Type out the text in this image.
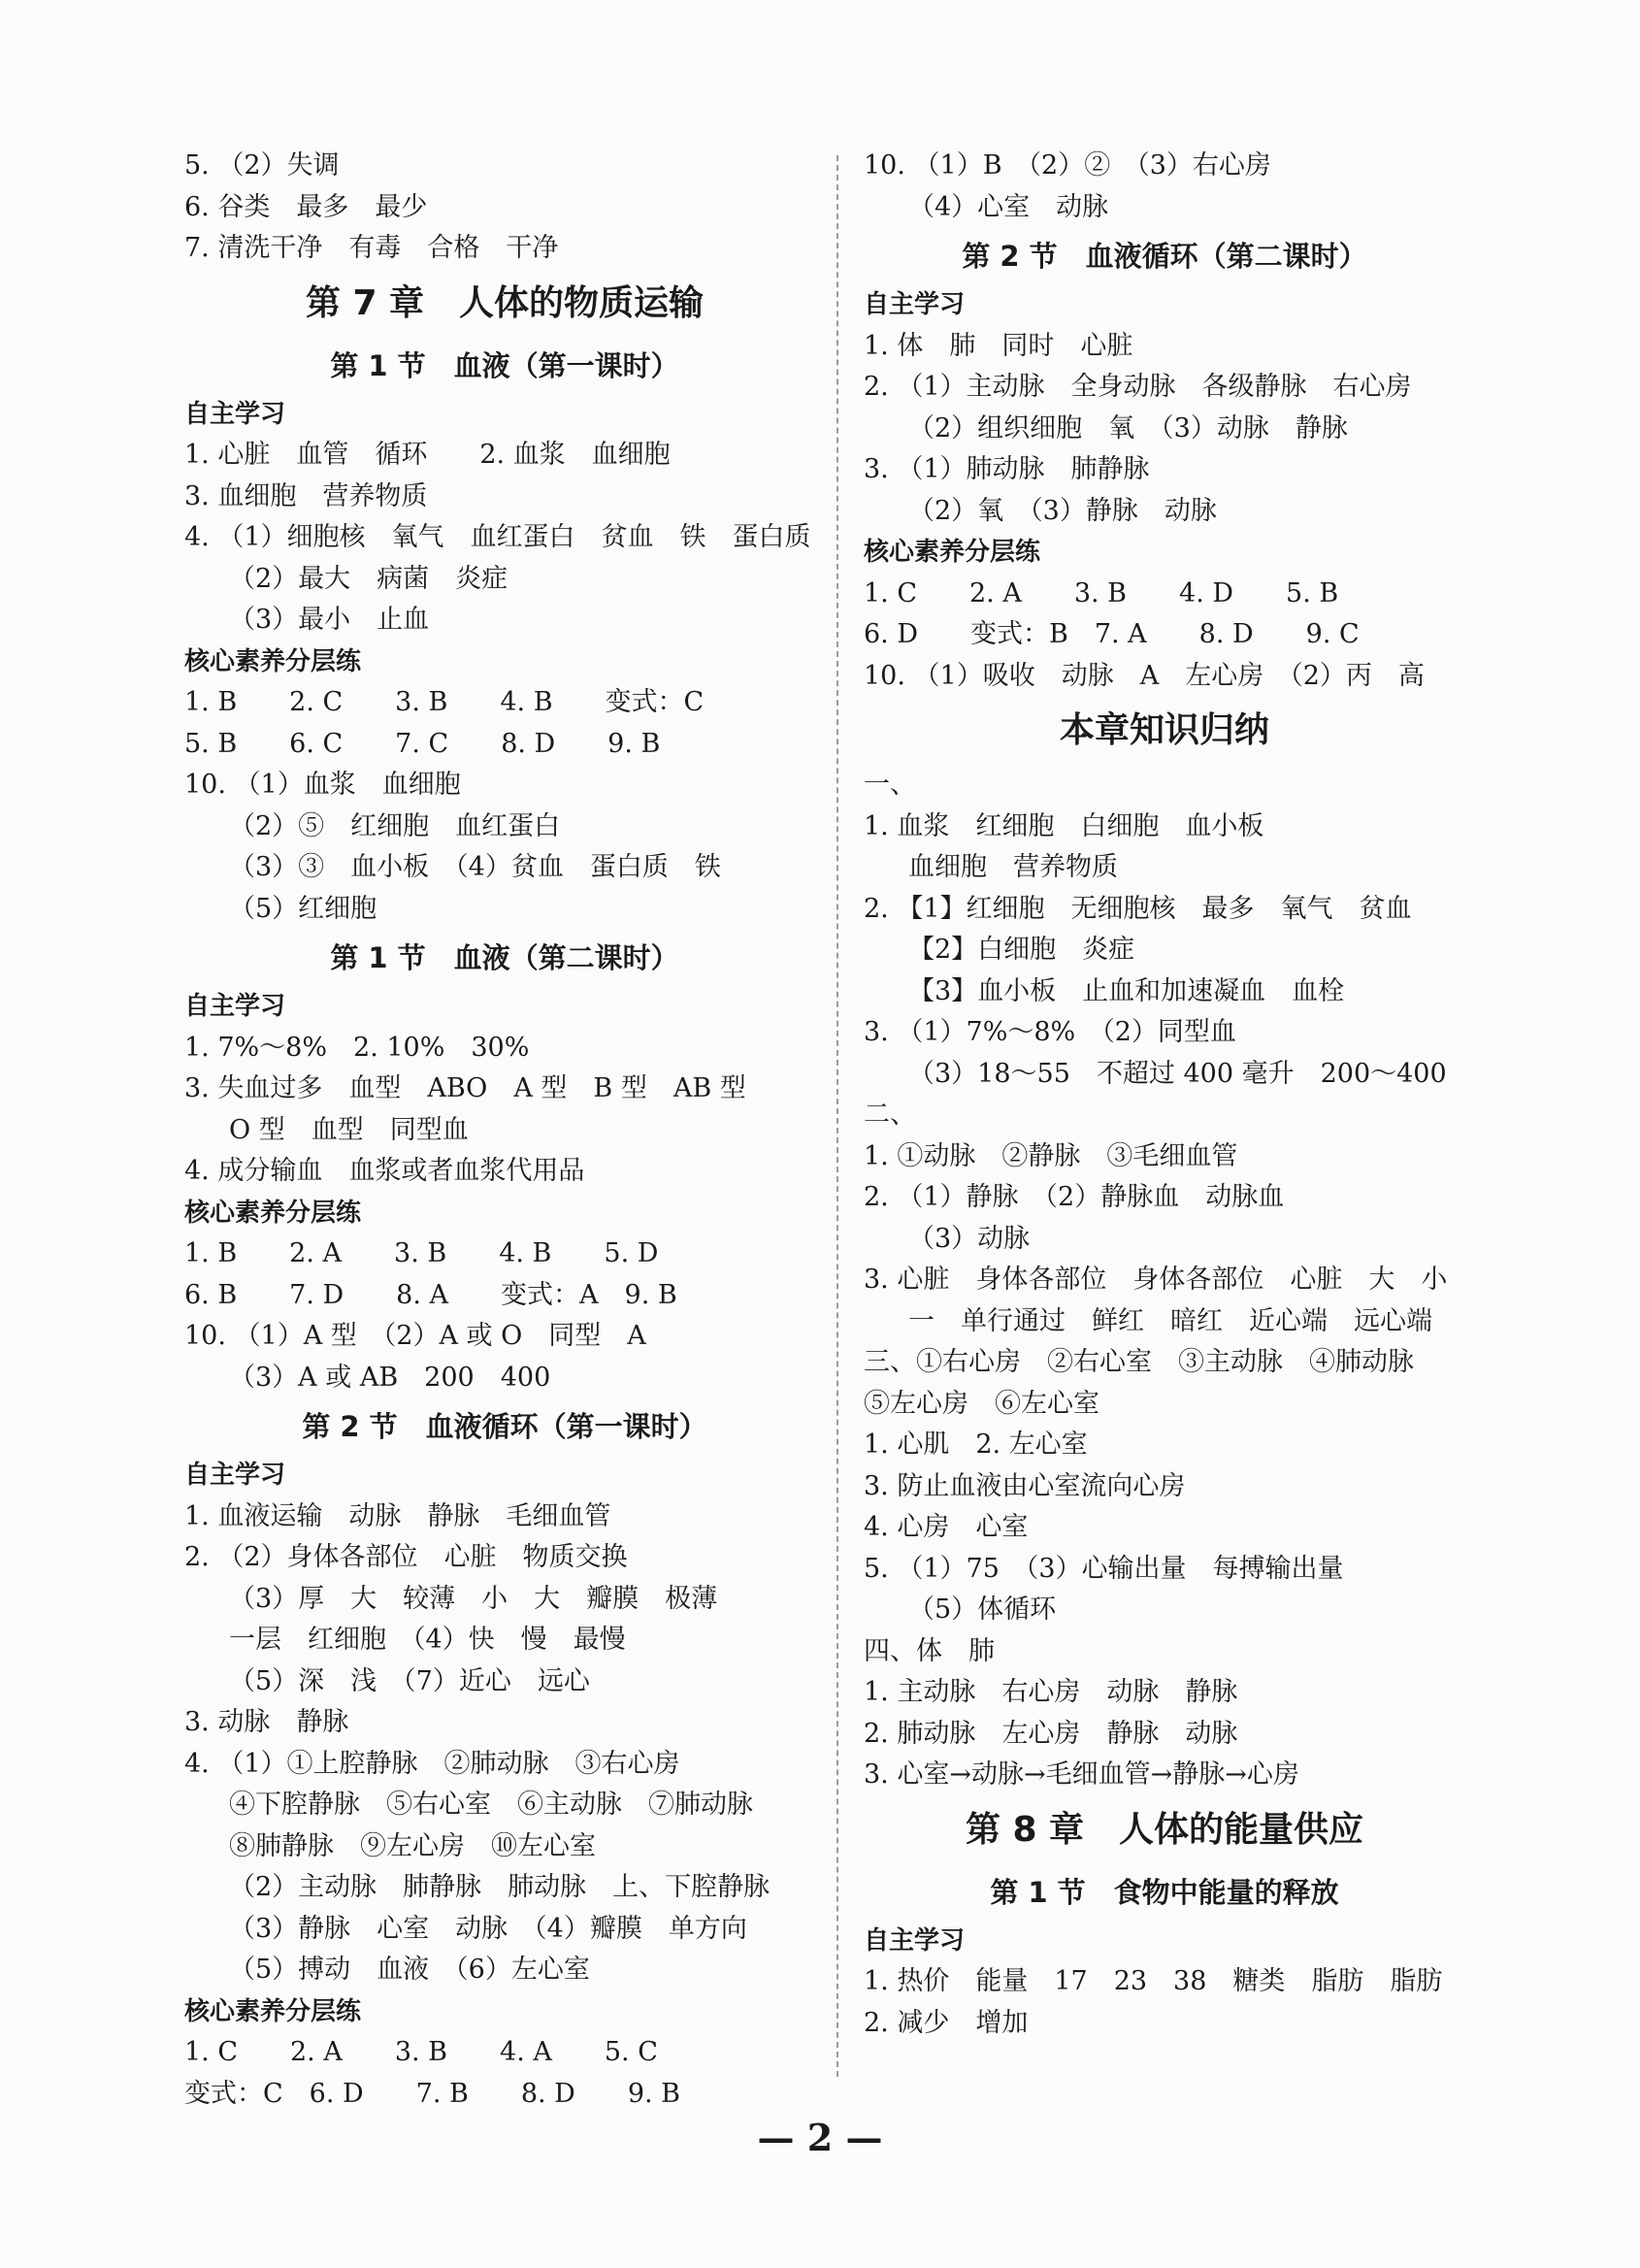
5. （2）失调
6. 谷类　最多　最少
7. 清洗干净　有毒　合格　干净
第 7 章　人体的物质运输
第 1 节　血液（第一课时）
自主学习
1. 心脏　血管　循环　　2. 血浆　血细胞
3. 血细胞　营养物质
4. （1）细胞核　氧气　血红蛋白　贫血　铁　蛋白质
（2）最大　病菌　炎症
（3）最小　止血
核心素养分层练
1. B　　2. C　　3. B　　4. B　　变式：C
5. B　　6. C　　7. C　　8. D　　9. B
10. （1）血浆　血细胞
（2）⑤　红细胞　血红蛋白
（3）③　血小板　（4）贫血　蛋白质　铁
（5）红细胞
第 1 节　血液（第二课时）
自主学习
1. 7%～8%　2. 10%　30%
3. 失血过多　血型　ABO　A 型　B 型　AB 型
O 型　血型　同型血
4. 成分输血　血浆或者血浆代用品
核心素养分层练
1. B　　2. A　　3. B　　4. B　　5. D
6. B　　7. D　　8. A　　变式：A　9. B
10. （1）A 型　（2）A 或 O　同型　A
（3）A 或 AB　200　400
第 2 节　血液循环（第一课时）
自主学习
1. 血液运输　动脉　静脉　毛细血管
2. （2）身体各部位　心脏　物质交换
（3）厚　大　较薄　小　大　瓣膜　极薄
一层　红细胞　（4）快　慢　最慢
（5）深　浅　（7）近心　远心
3. 动脉　静脉
4. （1）①上腔静脉　②肺动脉　③右心房
④下腔静脉　⑤右心室　⑥主动脉　⑦肺动脉
⑧肺静脉　⑨左心房　⑩左心室
（2）主动脉　肺静脉　肺动脉　上、下腔静脉
（3）静脉　心室　动脉　（4）瓣膜　单方向
（5）搏动　血液　（6）左心室
核心素养分层练
1. C　　2. A　　3. B　　4. A　　5. C
变式：C　6. D　　7. B　　8. D　　9. B
10. （1）B　（2）②　（3）右心房
（4）心室　动脉
第 2 节　血液循环（第二课时）
自主学习
1. 体　肺　同时　心脏
2. （1）主动脉　全身动脉　各级静脉　右心房
（2）组织细胞　氧　（3）动脉　静脉
3. （1）肺动脉　肺静脉
（2）氧　（3）静脉　动脉
核心素养分层练
1. C　　2. A　　3. B　　4. D　　5. B
6. D　　变式：B　7. A　　8. D　　9. C
10. （1）吸收　动脉　A　左心房　（2）丙　高
本章知识归纳
一、
1. 血浆　红细胞　白细胞　血小板
血细胞　营养物质
2. 【1】红细胞　无细胞核　最多　氧气　贫血
【2】白细胞　炎症
【3】血小板　止血和加速凝血　血栓
3. （1）7%～8%　（2）同型血
（3）18～55　不超过 400 毫升　200～400
二、
1. ①动脉　②静脉　③毛细血管
2. （1）静脉　（2）静脉血　动脉血
（3）动脉
3. 心脏　身体各部位　身体各部位　心脏　大　小
一　单行通过　鲜红　暗红　近心端　远心端
三、①右心房　②右心室　③主动脉　④肺动脉
⑤左心房　⑥左心室
1. 心肌　2. 左心室
3. 防止血液由心室流向心房
4. 心房　心室
5. （1）75　（3）心输出量　每搏输出量
（5）体循环
四、体　肺
1. 主动脉　右心房　动脉　静脉
2. 肺动脉　左心房　静脉　动脉
3. 心室→动脉→毛细血管→静脉→心房
第 8 章　人体的能量供应
第 1 节　食物中能量的释放
自主学习
1. 热价　能量　17　23　38　糖类　脂肪　脂肪
2. 减少　增加
— 2 —
